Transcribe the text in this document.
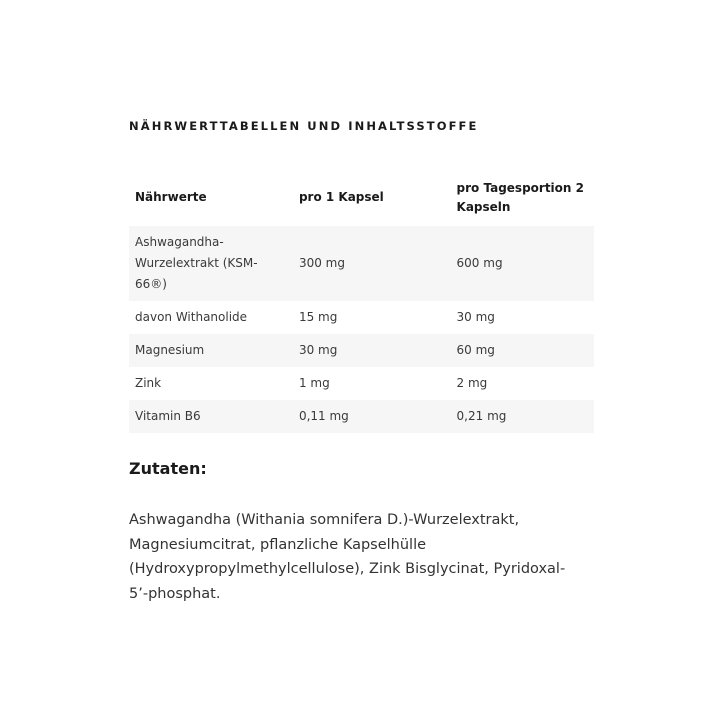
NÄHRWERTTABELLEN UND INHALTSSTOFFE
Nährwerte	pro 1 Kapsel	pro Tagesportion 2 Kapseln
Ashwagandha-Wurzelextrakt (KSM-66®)	300 mg	600 mg
davon Withanolide	15 mg	30 mg
Magnesium	30 mg	60 mg
Zink	1 mg	2 mg
Vitamin B6	0,11 mg	0,21 mg
Zutaten:
Ashwagandha (Withania somnifera D.)-Wurzelextrakt, Magnesiumcitrat, pflanzliche Kapselhülle (Hydroxypropylmethylcellulose), Zink Bisglycinat, Pyridoxal-5’-phosphat.
